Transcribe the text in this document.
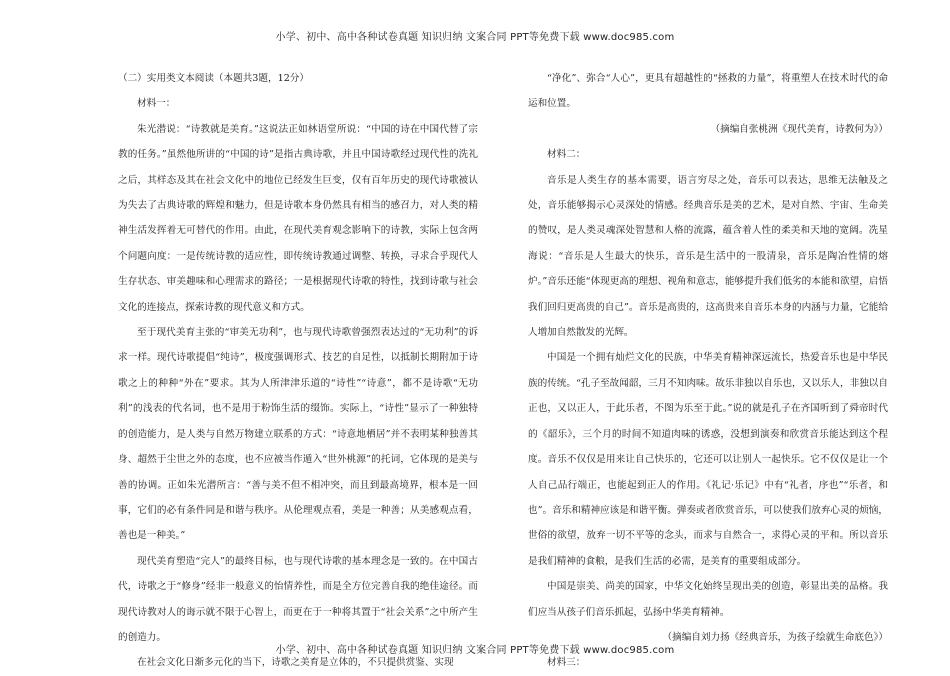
小学、初中、高中各种试卷真题 知识归纳 文案合同 PPT等免费下载 www.doc985.com

（二）实用类文本阅读（本题共3题，12分）

材料一：

朱光潜说：“诗教就是美育。”这说法正如林语堂所说：“中国的诗在中国代替了宗教的任务。”虽然他所讲的“中国的诗”是指古典诗歌，并且中国诗歌经过现代性的洗礼之后，其样态及其在社会文化中的地位已经发生巨变，仅有百年历史的现代诗歌被认为失去了古典诗歌的辉煌和魅力，但是诗歌本身仍然具有相当的感召力，对人类的精神生活发挥着无可替代的作用。由此，在现代美育观念影响下的诗教，实际上包含两个问题向度：一是传统诗教的适应性，即传统诗教通过调整、转换，寻求合乎现代人生存状态、审美趣味和心理需求的路径；一是根据现代诗歌的特性，找到诗歌与社会文化的连接点，探索诗教的现代意义和方式。

至于现代美育主张的“审美无功利”，也与现代诗歌曾强烈表达过的“无功利”的诉求一样。现代诗歌提倡“纯诗”，极度强调形式、技艺的自足性，以抵制长期附加于诗歌之上的种种“外在”要求。其为人所津津乐道的“诗性”“诗意”，都不是诗歌“无功利”的浅表的代名词，也不是用于粉饰生活的缀饰。实际上，“诗性”显示了一种独特的创造能力，是人类与自然万物建立联系的方式：“诗意地栖居”并不表明某种独善其身、超然于尘世之外的态度，也不应被当作遁入“世外桃源”的托词，它体现的是美与善的协调。正如朱光潜所言：“善与美不但不相冲突，而且到最高境界，根本是一回事，它们的必有条件同是和谐与秩序。从伦理观点看，美是一种善；从美感观点看，善也是一种美。”

现代美育塑造“完人”的最终目标，也与现代诗歌的基本理念是一致的。在中国古代，诗歌之于“修身”经非一般意义的怡情养性，而是全方位完善自我的绝佳途径。而现代诗教对人的诲示就不限于心智上，而更在于一种将其置于“社会关系”之中所产生的创造力。

在社会文化日渐多元化的当下，诗歌之美育是立体的，不只提供赏鉴、实现

“净化”、弥合“人心”，更具有超越性的“拯救的力量”，将重塑人在技术时代的命运和位置。

（摘编自张桃洲《现代美育，诗教何为》）

材料二：

音乐是人类生存的基本需要，语言穷尽之处，音乐可以表达，思维无法触及之处，音乐能够揭示心灵深处的情感。经典音乐是美的艺术，是对自然、宇宙、生命美的赞叹，是人类灵魂深处智慧和人格的流露，蕴含着人性的柔美和天地的宽阔。冼星海说：“音乐是人生最大的快乐，音乐是生活中的一股清泉，音乐是陶冶性情的熔炉。”音乐还能“体现更高的理想、视角和意志，能够提升我们低劣的本能和欲望，启悟我们回归更高贵的自己”。音乐是高贵的，这高贵来自音乐本身的内涵与力量，它能给人增加自然散发的光辉。

中国是一个拥有灿烂文化的民族，中华美育精神深远流长，热爱音乐也是中华民族的传统。“孔子至故闻韶，三月不知肉味。故乐非独以自乐也，又以乐人，非独以自正也，又以正人，于此乐者，不图为乐至于此。”说的就是孔子在齐国听到了舜帝时代的《韶乐》，三个月的时间不知道肉味的诱惑，没想到演奏和欣赏音乐能达到这个程度。音乐不仅仅是用来让自己快乐的，它还可以让别人一起快乐。它不仅仅是让一个人自己品行端正，也能起到正人的作用。《礼记·乐记》中有“礼者，序也”“乐者，和也”。音乐和精神应该是和谐平衡。弹奏或者欣赏音乐，可以使我们放弃心灵的烦恼，世俗的欲望，放弃一切不平等的念头，而求与自然合一，求得心灵的平和。所以音乐是我们精神的食粮，是我们生活的必需，是美育的重要组成部分。

中国是崇美、尚美的国家，中华文化始终呈现出美的创造，彰显出美的品格。我们应当从孩子们音乐抓起，弘扬中华美育精神。

（摘编自刘力扬《经典音乐，为孩子绘就生命底色》）

材料三：

小学、初中、高中各种试卷真题 知识归纳 文案合同 PPT等免费下载 www.doc985.com
